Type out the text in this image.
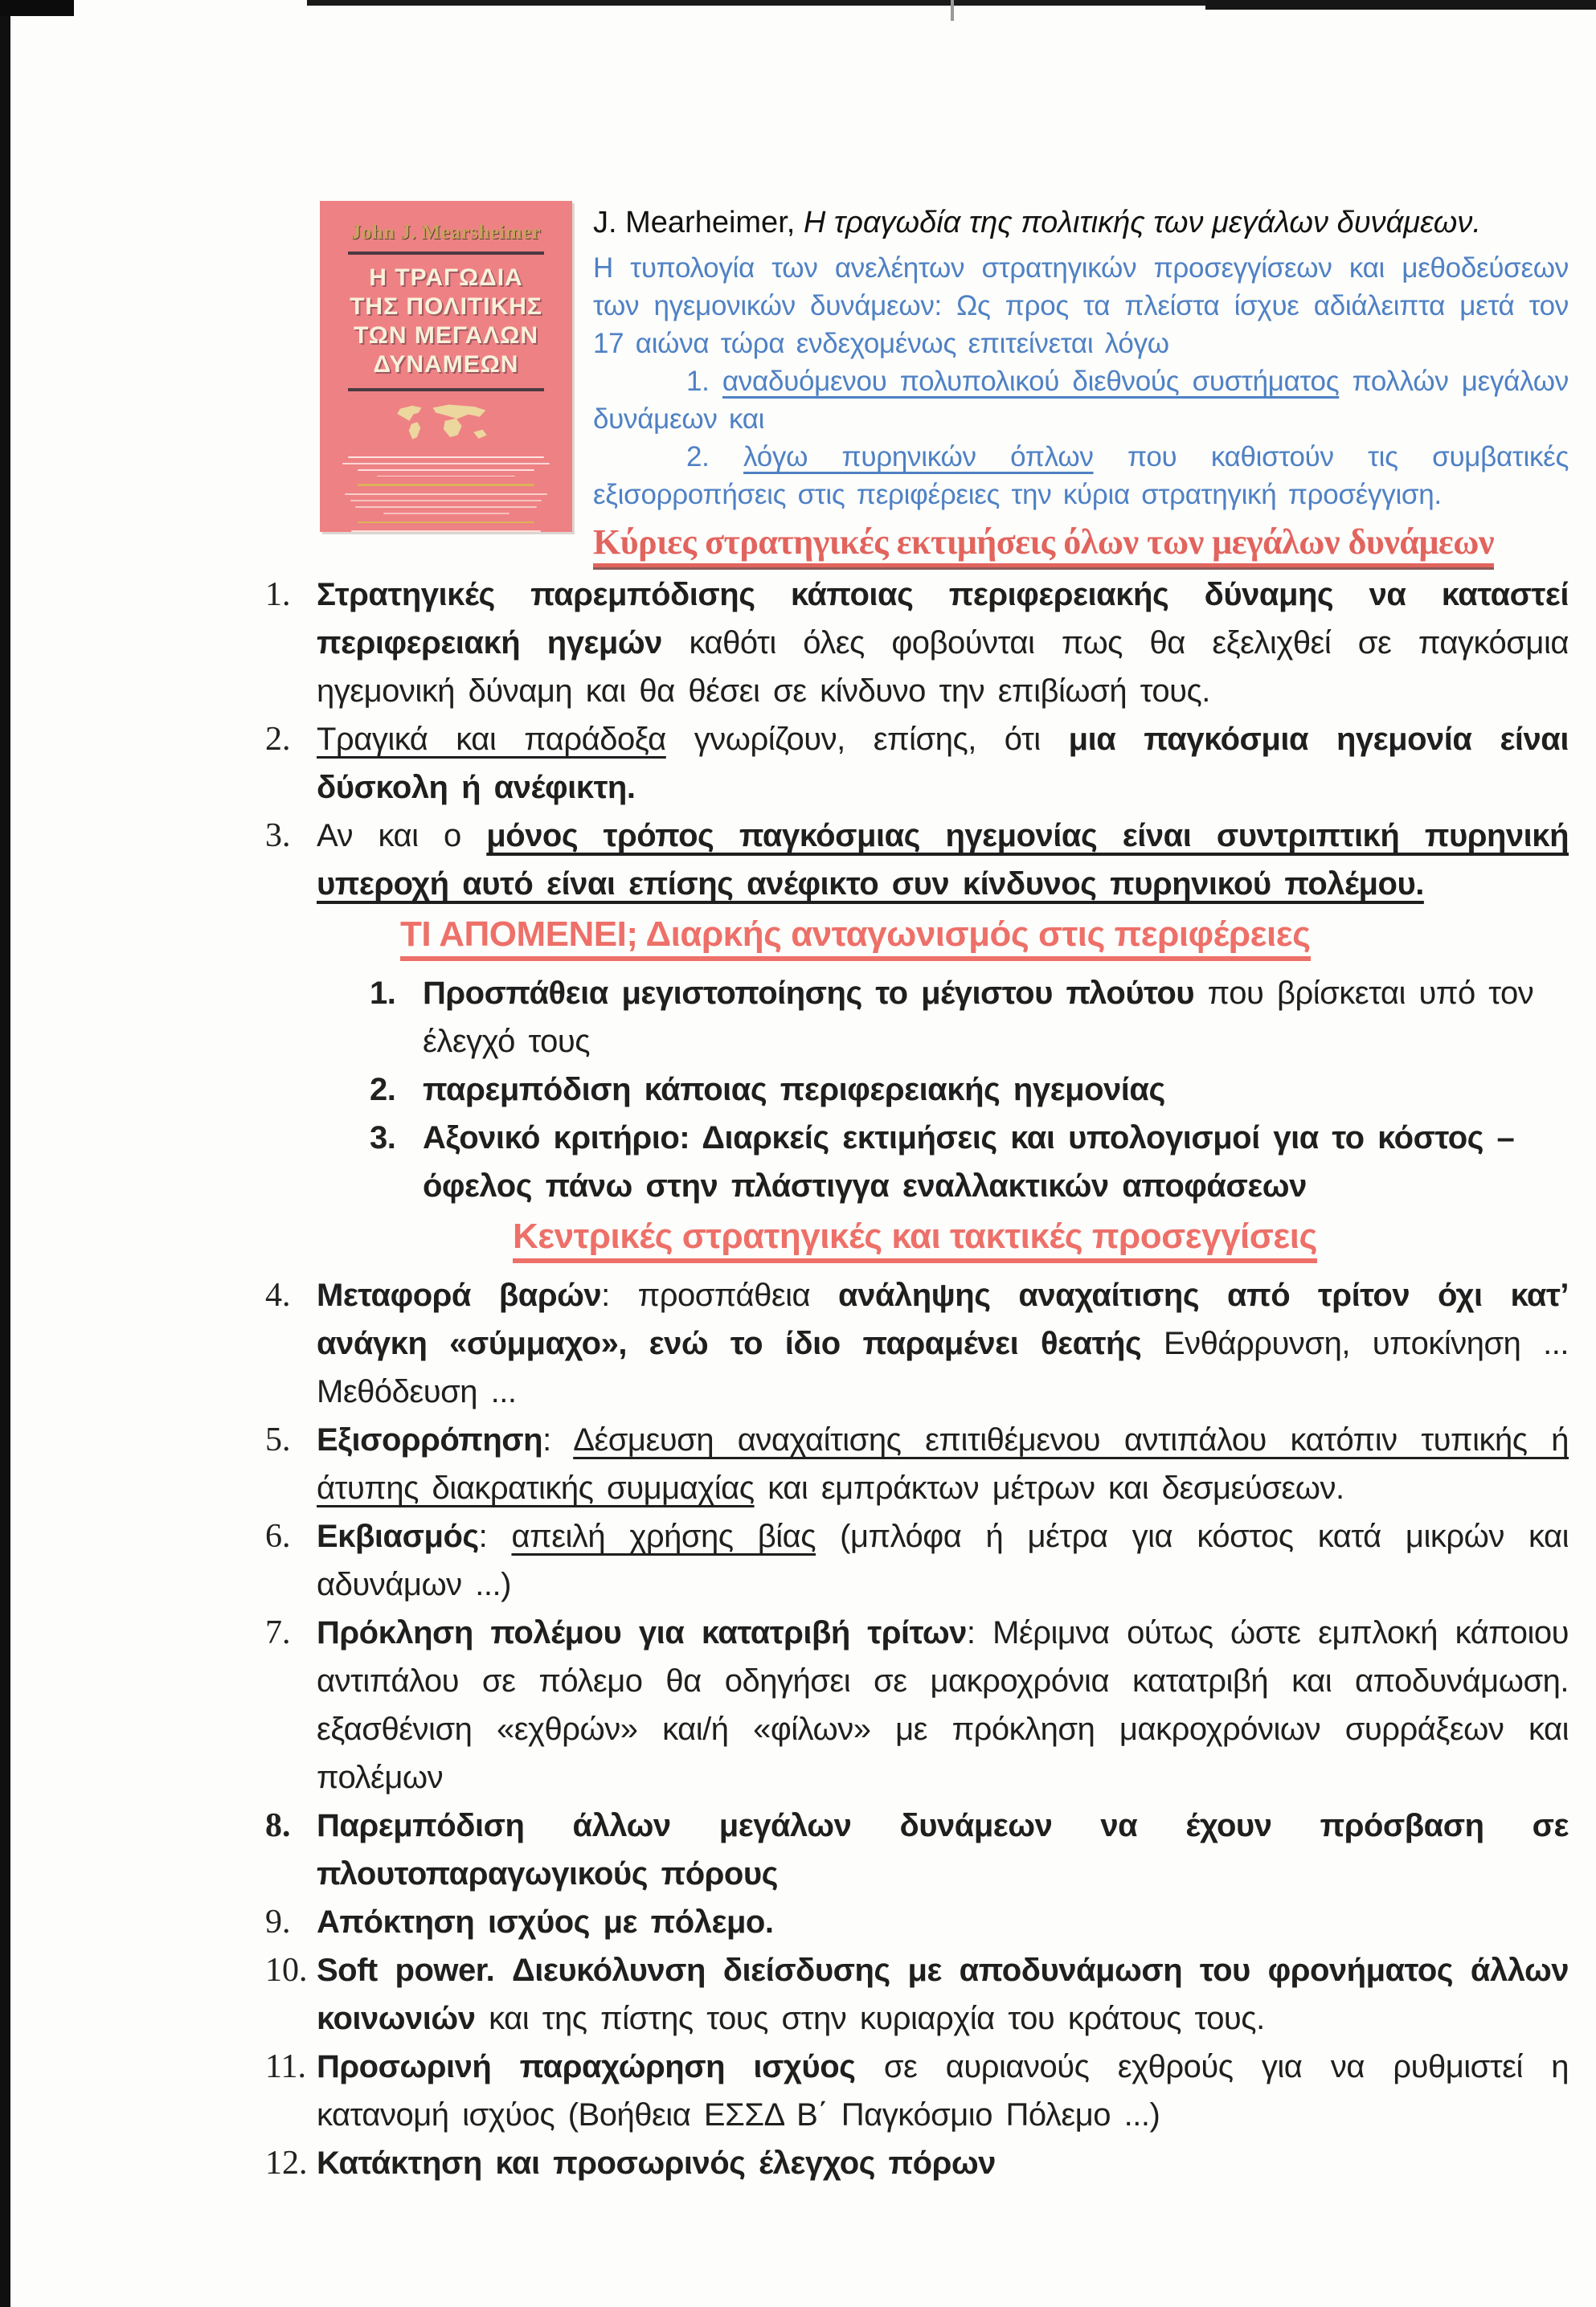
John J. Mearsheimer
Η ΤΡΑΓΩΔΙΑ
ΤΗΣ ΠΟΛΙΤΙΚΗΣ
ΤΩΝ ΜΕΓΑΛΩΝ
ΔΥΝΑΜΕΩΝ
J. Mearheimer, Η τραγωδία της πολιτικής των μεγάλων δυνάμεων.

Η τυπολογία των ανελέητων στρατηγικών προσεγγίσεων και μεθοδεύσεων των ηγεμονικών δυνάμεων: Ως προς τα πλείστα ίσχυε αδιάλειπτα μετά τον 17 αιώνα τώρα ενδεχομένως επιτείνεται λόγω

1. αναδυόμενου πολυπολικού διεθνούς συστήματος πολλών μεγάλων δυνάμεων και

2. λόγω πυρηνικών όπλων που καθιστούν τις συμβατικές εξισορροπήσεις στις περιφέρειες την κύρια στρατηγική προσέγγιση.

Κύριες στρατηγικές εκτιμήσεις όλων των μεγάλων δυνάμεων
1. Στρατηγικές παρεμπόδισης κάποιας περιφερειακής δύναμης να καταστεί περιφερειακή ηγεμών καθότι όλες φοβούνται πως θα εξελιχθεί σε παγκόσμια ηγεμονική δύναμη και θα θέσει σε κίνδυνο την επιβίωσή τους.

2. Τραγικά και παράδοξα γνωρίζουν, επίσης, ότι μια παγκόσμια ηγεμονία είναι δύσκολη ή ανέφικτη.

3. Αν και ο μόνος τρόπος παγκόσμιας ηγεμονίας είναι συντριπτική πυρηνική υπεροχή αυτό είναι επίσης ανέφικτο συν κίνδυνος πυρηνικού πολέμου.

ΤΙ ΑΠΟΜΕΝΕΙ; Διαρκής ανταγωνισμός στις περιφέρειες
1. Προσπάθεια μεγιστοποίησης το μέγιστου πλούτου που βρίσκεται υπό τον έλεγχό τους

2. παρεμπόδιση κάποιας περιφερειακής ηγεμονίας

3. Αξονικό κριτήριο: Διαρκείς εκτιμήσεις και υπολογισμοί για το κόστος – όφελος πάνω στην πλάστιγγα εναλλακτικών αποφάσεων

Κεντρικές στρατηγικές και τακτικές προσεγγίσεις
4. Μεταφορά βαρών: προσπάθεια ανάληψης αναχαίτισης από τρίτον όχι κατ’ ανάγκη «σύμμαχο», ενώ το ίδιο παραμένει θεατής Ενθάρρυνση, υποκίνηση ... Μεθόδευση ...

5. Εξισορρόπηση: Δέσμευση αναχαίτισης επιτιθέμενου αντιπάλου κατόπιν τυπικής ή άτυπης διακρατικής συμμαχίας και εμπράκτων μέτρων και δεσμεύσεων.

6. Εκβιασμός: απειλή χρήσης βίας (μπλόφα ή μέτρα για κόστος κατά μικρών και αδυνάμων ...)

7. Πρόκληση πολέμου για κατατριβή τρίτων: Μέριμνα ούτως ώστε εμπλοκή κάποιου αντιπάλου σε πόλεμο θα οδηγήσει σε μακροχρόνια κατατριβή και αποδυνάμωση. εξασθένιση «εχθρών» και/ή «φίλων» με πρόκληση μακροχρόνιων συρράξεων και πολέμων

8. Παρεμπόδιση άλλων μεγάλων δυνάμεων να έχουν πρόσβαση σε πλουτοπαραγωγικούς πόρους

9. Απόκτηση ισχύος με πόλεμο.

10. Soft power. Διευκόλυνση διείσδυσης με αποδυνάμωση του φρονήματος άλλων κοινωνιών και της πίστης τους στην κυριαρχία του κράτους τους.

11. Προσωρινή παραχώρηση ισχύος σε αυριανούς εχθρούς για να ρυθμιστεί η κατανομή ισχύος (Βοήθεια ΕΣΣΔ Β΄ Παγκόσμιο Πόλεμο ...)

12. Κατάκτηση και προσωρινός έλεγχος πόρων
